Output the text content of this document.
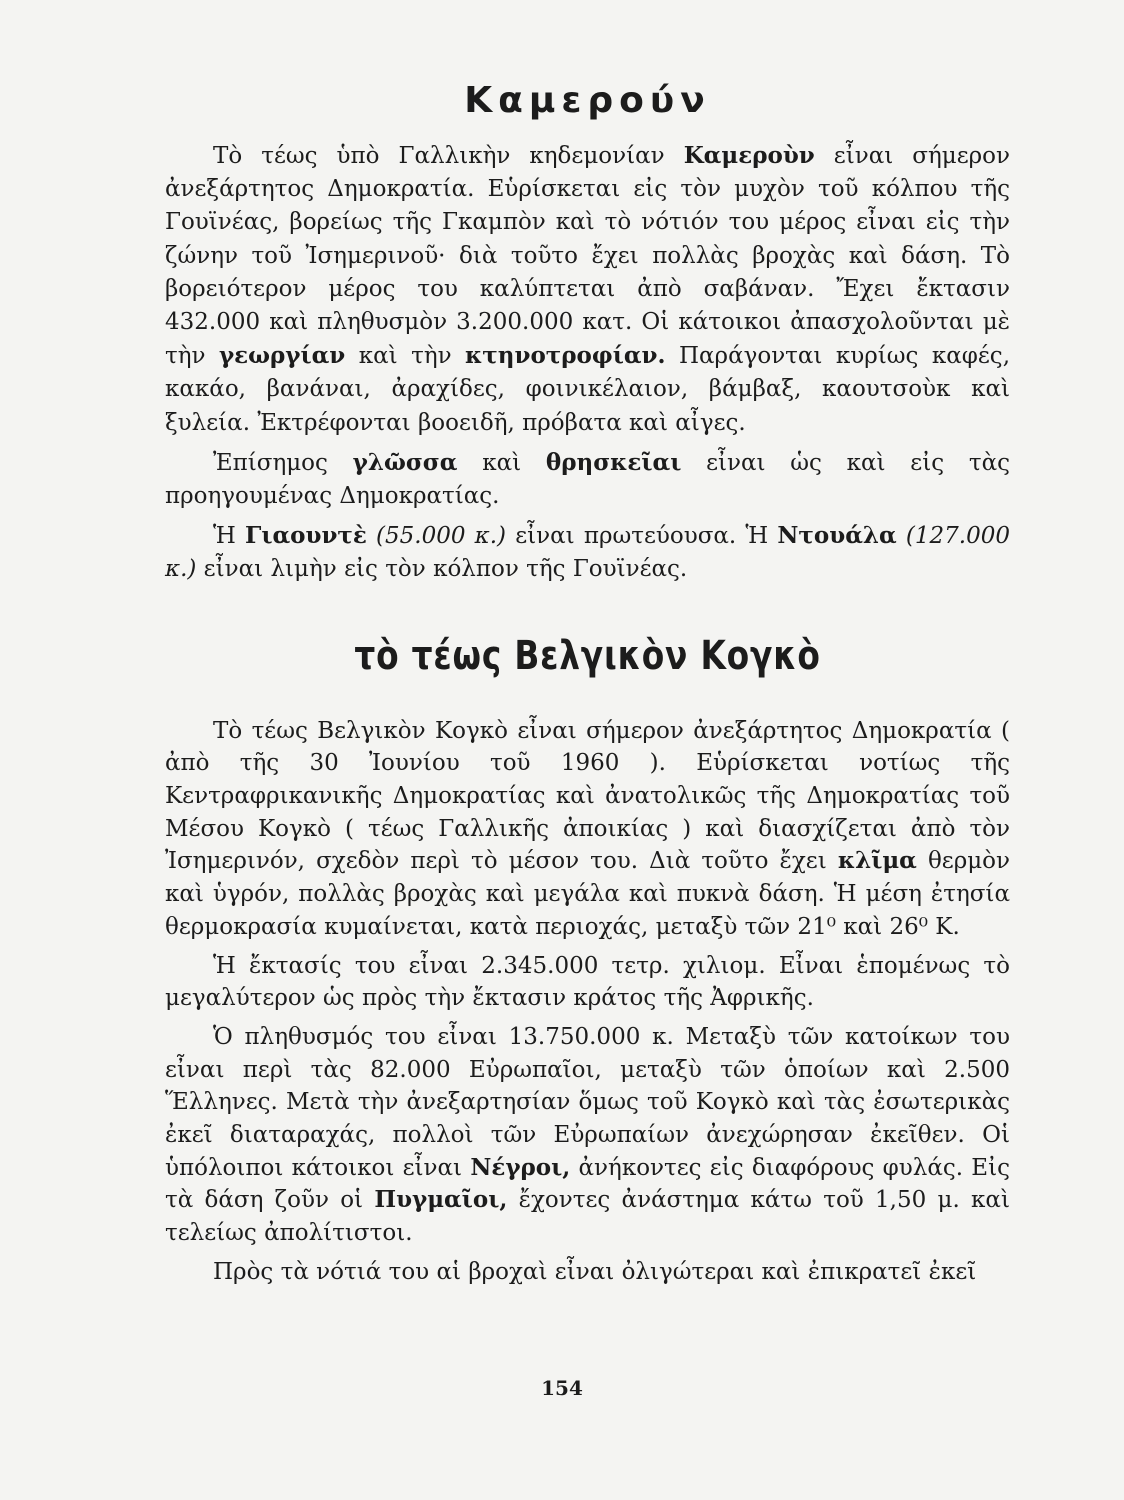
Καμερούν

Τὸ τέως ὑπὸ Γαλλικὴν κηδεμονίαν Καμεροὺν εἶναι σήμερον ἀνεξάρτητος Δημοκρατία. Εὑρίσκεται εἰς τὸν μυχὸν τοῦ κόλπου τῆς Γουϊνέας, βορείως τῆς Γκαμπὸν καὶ τὸ νότιόν του μέρος εἶναι εἰς τὴν ζώνην τοῦ Ἰσημερινοῦ· διὰ τοῦτο ἔχει πολλὰς βροχὰς καὶ δάση. Τὸ βορειότερον μέρος του καλύπτεται ἀπὸ σαβάναν. Ἔχει ἔκτασιν 432.000 καὶ πληθυσμὸν 3.200.000 κατ. Οἱ κάτοικοι ἀπασχολοῦνται μὲ τὴν γεωργίαν καὶ τὴν κτηνοτροφίαν. Παράγονται κυρίως καφές, κακάο, βανάναι, ἀραχίδες, φοινικέλαιον, βάμβαξ, καουτσοὺκ καὶ ξυλεία. Ἐκτρέφονται βοοειδῆ, πρόβατα καὶ αἶγες.

Ἐπίσημος γλῶσσα καὶ θρησκεῖαι εἶναι ὡς καὶ εἰς τὰς προηγουμένας Δημοκρατίας.

Ἡ Γιαουντὲ (55.000 κ.) εἶναι πρωτεύουσα. Ἡ Ντουάλα (127.000 κ.) εἶναι λιμὴν εἰς τὸν κόλπον τῆς Γουϊνέας.

τὸ τέως Βελγικὸν Κογκὸ

Τὸ τέως Βελγικὸν Κογκὸ εἶναι σήμερον ἀνεξάρτητος Δημοκρατία ( ἀπὸ τῆς 30 Ἰουνίου τοῦ 1960 ). Εὑρίσκεται νοτίως τῆς Κεντραφρικανικῆς Δημοκρατίας καὶ ἀνατολικῶς τῆς Δημοκρατίας τοῦ Μέσου Κογκὸ ( τέως Γαλλικῆς ἀποικίας ) καὶ διασχίζεται ἀπὸ τὸν Ἰσημερινόν, σχεδὸν περὶ τὸ μέσον του. Διὰ τοῦτο ἔχει κλῖμα θερμὸν καὶ ὑγρόν, πολλὰς βροχὰς καὶ μεγάλα καὶ πυκνὰ δάση. Ἡ μέση ἐτησία θερμοκρασία κυμαίνεται, κατὰ περιοχάς, μεταξὺ τῶν 21⁰ καὶ 26⁰ Κ.

Ἡ ἔκτασίς του εἶναι 2.345.000 τετρ. χιλιομ. Εἶναι ἑπομένως τὸ μεγαλύτερον ὡς πρὸς τὴν ἔκτασιν κράτος τῆς Ἀφρικῆς.

Ὁ πληθυσμός του εἶναι 13.750.000 κ. Μεταξὺ τῶν κατοίκων του εἶναι περὶ τὰς 82.000 Εὐρωπαῖοι, μεταξὺ τῶν ὁποίων καὶ 2.500 Ἕλληνες. Μετὰ τὴν ἀνεξαρτησίαν ὅμως τοῦ Κογκὸ καὶ τὰς ἐσωτερικὰς ἐκεῖ διαταραχάς, πολλοὶ τῶν Εὐρωπαίων ἀνεχώρησαν ἐκεῖθεν. Οἱ ὑπόλοιποι κάτοικοι εἶναι Νέγροι, ἀνήκοντες εἰς διαφόρους φυλάς. Εἰς τὰ δάση ζοῦν οἱ Πυγμαῖοι, ἔχοντες ἀνάστημα κάτω τοῦ 1,50 μ. καὶ τελείως ἀπολίτιστοι.

Πρὸς τὰ νότιά του αἱ βροχαὶ εἶναι ὀλιγώτεραι καὶ ἐπικρατεῖ ἐκεῖ

154
